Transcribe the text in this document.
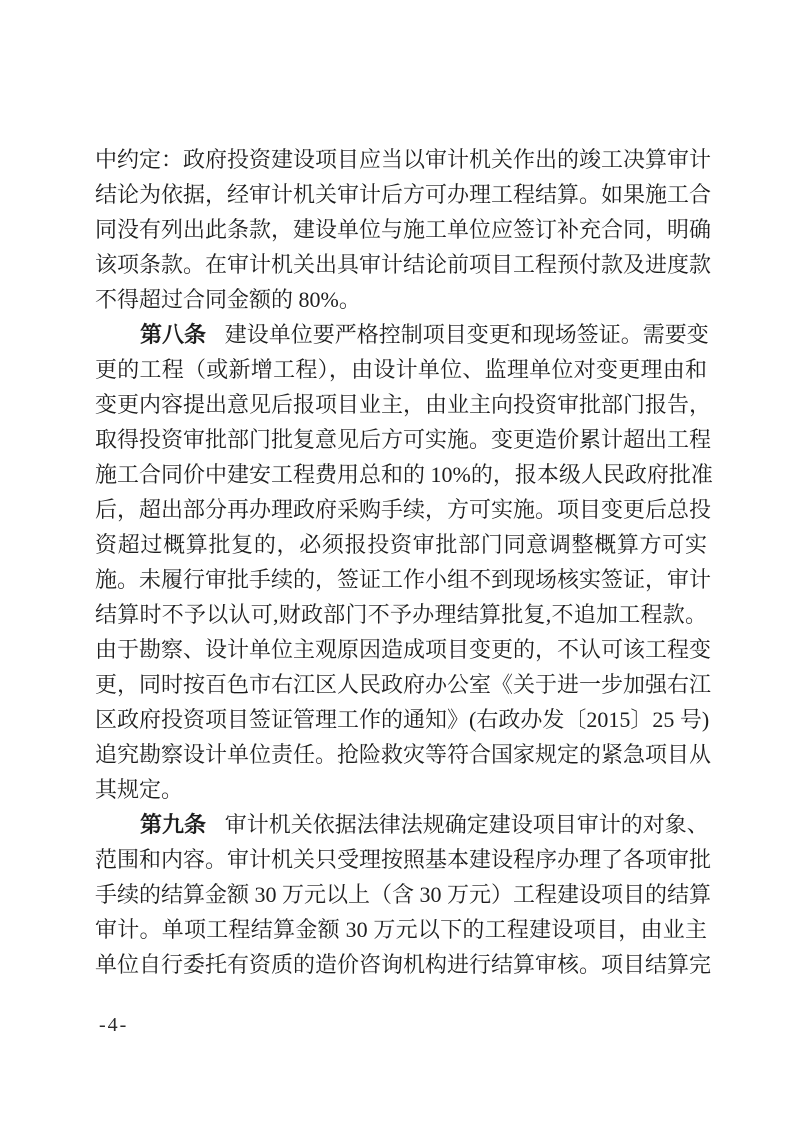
中约定：政府投资建设项目应当以审计机关作出的竣工决算审计
结论为依据，经审计机关审计后方可办理工程结算。如果施工合
同没有列出此条款，建设单位与施工单位应签订补充合同，明确
该项条款。在审计机关出具审计结论前项目工程预付款及进度款
不得超过合同金额的 80%。
第八条 建设单位要严格控制项目变更和现场签证。需要变
更的工程（或新增工程），由设计单位、监理单位对变更理由和
变更内容提出意见后报项目业主，由业主向投资审批部门报告，
取得投资审批部门批复意见后方可实施。变更造价累计超出工程
施工合同价中建安工程费用总和的 10%的，报本级人民政府批准
后，超出部分再办理政府采购手续，方可实施。项目变更后总投
资超过概算批复的，必须报投资审批部门同意调整概算方可实
施。未履行审批手续的，签证工作小组不到现场核实签证，审计
结算时不予以认可,财政部门不予办理结算批复,不追加工程款。
由于勘察、设计单位主观原因造成项目变更的，不认可该工程变
更，同时按百色市右江区人民政府办公室《关于进一步加强右江
区政府投资项目签证管理工作的通知》(右政办发〔2015〕25 号)
追究勘察设计单位责任。抢险救灾等符合国家规定的紧急项目从
其规定。
第九条 审计机关依据法律法规确定建设项目审计的对象、
范围和内容。审计机关只受理按照基本建设程序办理了各项审批
手续的结算金额 30 万元以上（含 30 万元）工程建设项目的结算
审计。单项工程结算金额 30 万元以下的工程建设项目，由业主
单位自行委托有资质的造价咨询机构进行结算审核。项目结算完
-4-
